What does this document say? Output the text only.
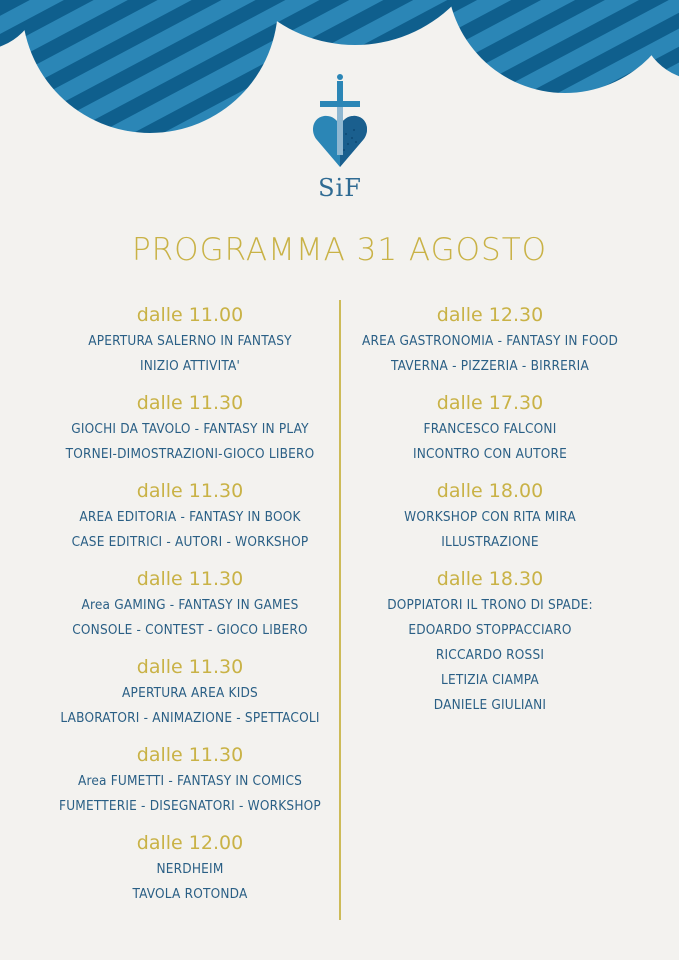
SiF
PROGRAMMA 31 AGOSTO
dalle 11.00
APERTURA SALERNO IN FANTASY
INIZIO ATTIVITA'
dalle 11.30
GIOCHI DA TAVOLO - FANTASY IN PLAY
TORNEI-DIMOSTRAZIONI-GIOCO LIBERO
dalle 11.30
AREA EDITORIA - FANTASY IN BOOK
CASE EDITRICI - AUTORI - WORKSHOP
dalle 11.30
Area GAMING - FANTASY IN GAMES
CONSOLE - CONTEST - GIOCO LIBERO
dalle 11.30
APERTURA AREA KIDS
LABORATORI - ANIMAZIONE - SPETTACOLI
dalle 11.30
Area FUMETTI - FANTASY IN COMICS
FUMETTERIE - DISEGNATORI - WORKSHOP
dalle 12.00
NERDHEIM
TAVOLA ROTONDA
dalle 12.30
AREA GASTRONOMIA - FANTASY IN FOOD
TAVERNA - PIZZERIA - BIRRERIA
dalle 17.30
FRANCESCO FALCONI
INCONTRO CON AUTORE
dalle 18.00
WORKSHOP CON RITA MIRA
ILLUSTRAZIONE
dalle 18.30
DOPPIATORI IL TRONO DI SPADE:
EDOARDO STOPPACCIARO
RICCARDO ROSSI
LETIZIA CIAMPA
DANIELE GIULIANI
